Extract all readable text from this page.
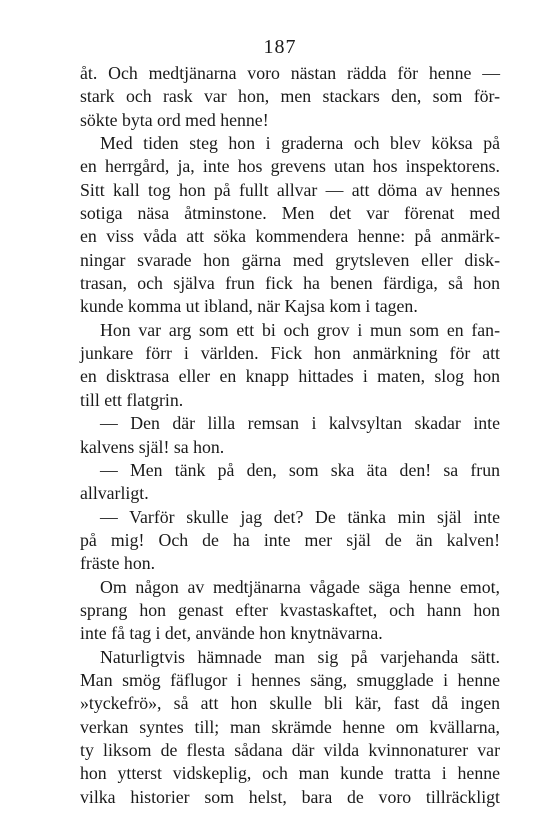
187
åt. Och medtjänarna voro nästan rädda för henne —
stark och rask var hon, men stackars den, som för-
sökte byta ord med henne!
Med tiden steg hon i graderna och blev köksa på
en herrgård, ja, inte hos grevens utan hos inspektorens.
Sitt kall tog hon på fullt allvar — att döma av hennes
sotiga näsa åtminstone. Men det var förenat med
en viss våda att söka kommendera henne: på anmärk-
ningar svarade hon gärna med grytsleven eller disk-
trasan, och själva frun fick ha benen färdiga, så hon
kunde komma ut ibland, när Kajsa kom i tagen.
Hon var arg som ett bi och grov i mun som en fan-
junkare förr i världen. Fick hon anmärkning för att
en disktrasa eller en knapp hittades i maten, slog hon
till ett flatgrin.
— Den där lilla remsan i kalvsyltan skadar inte
kalvens själ! sa hon.
— Men tänk på den, som ska äta den! sa frun
allvarligt.
— Varför skulle jag det? De tänka min själ inte
på mig! Och de ha inte mer själ de än kalven!
fräste hon.
Om någon av medtjänarna vågade säga henne emot,
sprang hon genast efter kvastaskaftet, och hann hon
inte få tag i det, använde hon knytnävarna.
Naturligtvis hämnade man sig på varjehanda sätt.
Man smög fäflugor i hennes säng, smugglade i henne
»tyckefrö», så att hon skulle bli kär, fast då ingen
verkan syntes till; man skrämde henne om kvällarna,
ty liksom de flesta sådana där vilda kvinnonaturer var
hon ytterst vidskeplig, och man kunde tratta i henne
vilka historier som helst, bara de voro tillräckligt
